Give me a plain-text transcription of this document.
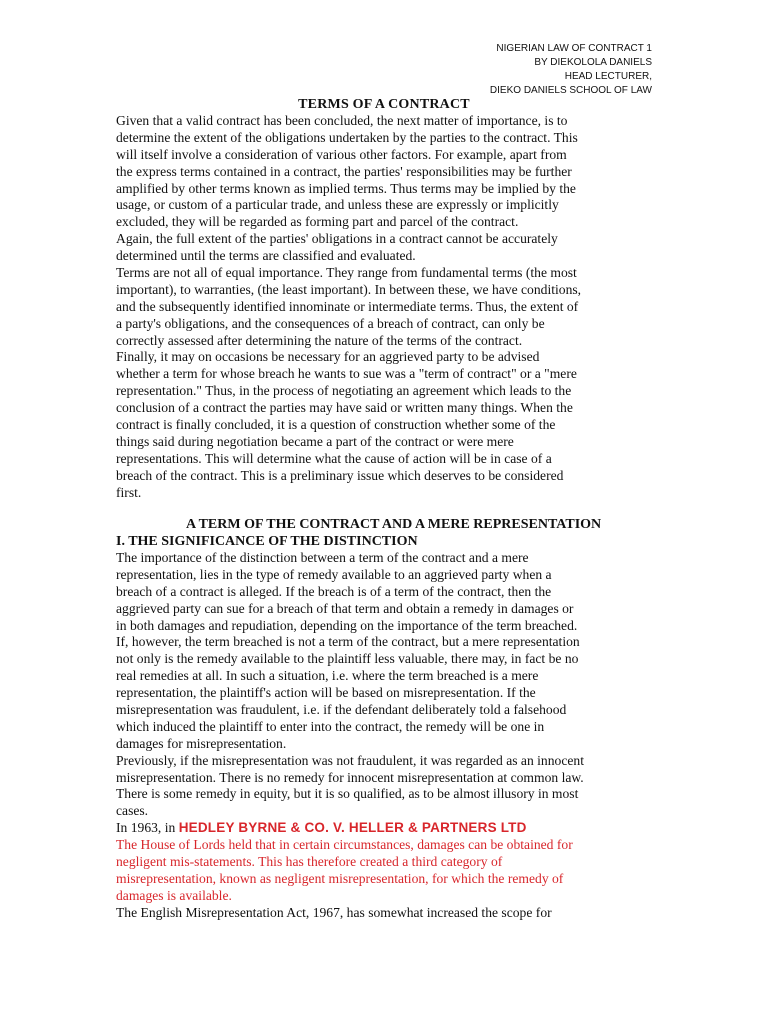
NIGERIAN LAW OF CONTRACT 1
BY DIEKOLOLA DANIELS
HEAD LECTURER,
DIEKO DANIELS SCHOOL OF LAW
TERMS OF A CONTRACT
Given that a valid contract has been concluded, the next matter of importance, is to
determine the extent of the obligations undertaken by the parties to the contract. This
will itself involve a consideration of various other factors. For example, apart from
the express terms contained in a contract, the parties' responsibilities may be further
amplified by other terms known as implied terms. Thus terms may be implied by the
usage, or custom of a particular trade, and unless these are expressly or implicitly
excluded, they will be regarded as forming part and parcel of the contract.
Again, the full extent of the parties' obligations in a contract cannot be accurately
determined until the terms are classified and evaluated.
Terms are not all of equal importance. They range from fundamental terms (the most
important), to warranties, (the least important). In between these, we have conditions,
and the subsequently identified innominate or intermediate terms. Thus, the extent of
a party's obligations, and the consequences of a breach of contract, can only be
correctly assessed after determining the nature of the terms of the contract.
Finally, it may on occasions be necessary for an aggrieved party to be advised
whether a term for whose breach he wants to sue was a "term of contract" or a "mere
representation." Thus, in the process of negotiating an agreement which leads to the
conclusion of a contract the parties may have said or written many things. When the
contract is finally concluded, it is a question of construction whether some of the
things said during negotiation became a part of the contract or were mere
representations. This will determine what the cause of action will be in case of a
breach of the contract. This is a preliminary issue which deserves to be considered
first.
A TERM OF THE CONTRACT AND A MERE REPRESENTATION
I. THE SIGNIFICANCE OF THE DISTINCTION
The importance of the distinction between a term of the contract and a mere
representation, lies in the type of remedy available to an aggrieved party when a
breach of a contract is alleged. If the breach is of a term of the contract, then the
aggrieved party can sue for a breach of that term and obtain a remedy in damages or
in both damages and repudiation, depending on the importance of the term breached.
If, however, the term breached is not a term of the contract, but a mere representation
not only is the remedy available to the plaintiff less valuable, there may, in fact be no
real remedies at all. In such a situation, i.e. where the term breached is a mere
representation, the plaintiff's action will be based on misrepresentation. If the
misrepresentation was fraudulent, i.e. if the defendant deliberately told a falsehood
which induced the plaintiff to enter into the contract, the remedy will be one in
damages for misrepresentation.
Previously, if the misrepresentation was not fraudulent, it was regarded as an innocent
misrepresentation. There is no remedy for innocent misrepresentation at common law.
There is some remedy in equity, but it is so qualified, as to be almost illusory in most
cases.
In 1963, in HEDLEY BYRNE & CO. V. HELLER & PARTNERS LTD
The House of Lords held that in certain circumstances, damages can be obtained for
negligent mis-statements. This has therefore created a third category of
misrepresentation, known as negligent misrepresentation, for which the remedy of
damages is available.
The English Misrepresentation Act, 1967, has somewhat increased the scope for
